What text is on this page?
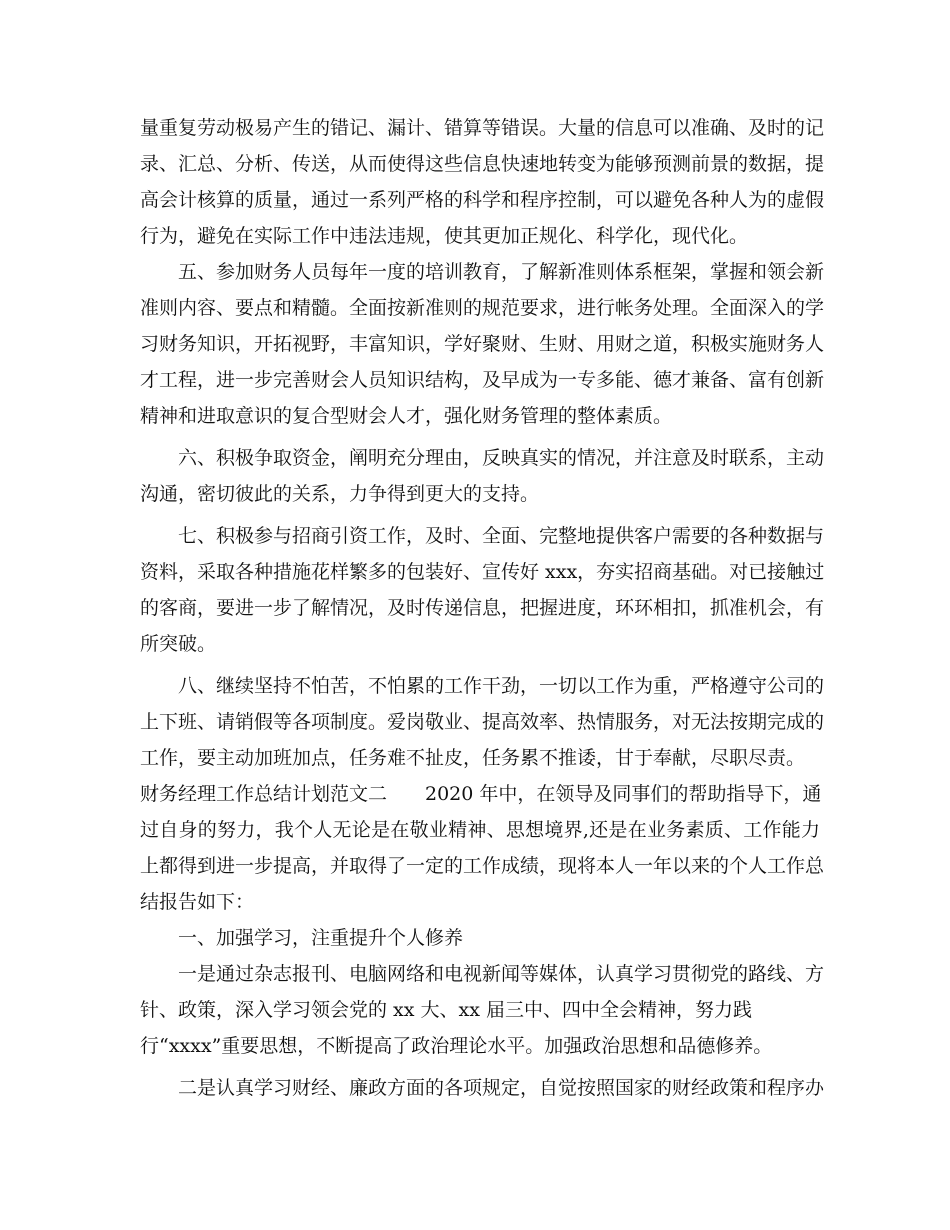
量重复劳动极易产生的错记、漏计、错算等错误。大量的信息可以准确、及时的记
录、汇总、分析、传送，从而使得这些信息快速地转变为能够预测前景的数据，提
高会计核算的质量，通过一系列严格的科学和程序控制，可以避免各种人为的虚假
行为，避免在实际工作中违法违规，使其更加正规化、科学化，现代化。
五、参加财务人员每年一度的培训教育，了解新准则体系框架，掌握和领会新
准则内容、要点和精髓。全面按新准则的规范要求，进行帐务处理。全面深入的学
习财务知识，开拓视野，丰富知识，学好聚财、生财、用财之道，积极实施财务人
才工程，进一步完善财会人员知识结构，及早成为一专多能、德才兼备、富有创新
精神和进取意识的复合型财会人才，强化财务管理的整体素质。
六、积极争取资金，阐明充分理由，反映真实的情况，并注意及时联系，主动
沟通，密切彼此的关系，力争得到更大的支持。
七、积极参与招商引资工作，及时、全面、完整地提供客户需要的各种数据与
资料，采取各种措施花样繁多的包装好、宣传好 xxx，夯实招商基础。对已接触过
的客商，要进一步了解情况，及时传递信息，把握进度，环环相扣，抓准机会，有
所突破。
八、继续坚持不怕苦，不怕累的工作干劲，一切以工作为重，严格遵守公司的
上下班、请销假等各项制度。爱岗敬业、提高效率、热情服务，对无法按期完成的
工作，要主动加班加点，任务难不扯皮，任务累不推诿，甘于奉献，尽职尽责。
财务经理工作总结计划范文二　　2020 年中，在领导及同事们的帮助指导下，通
过自身的努力，我个人无论是在敬业精神、思想境界,还是在业务素质、工作能力
上都得到进一步提高，并取得了一定的工作成绩，现将本人一年以来的个人工作总
结报告如下：
一、加强学习，注重提升个人修养
一是通过杂志报刊、电脑网络和电视新闻等媒体，认真学习贯彻党的路线、方
针、政策，深入学习领会党的 xx 大、xx 届三中、四中全会精神，努力践
行“xxxx”重要思想，不断提高了政治理论水平。加强政治思想和品德修养。
二是认真学习财经、廉政方面的各项规定，自觉按照国家的财经政策和程序办
